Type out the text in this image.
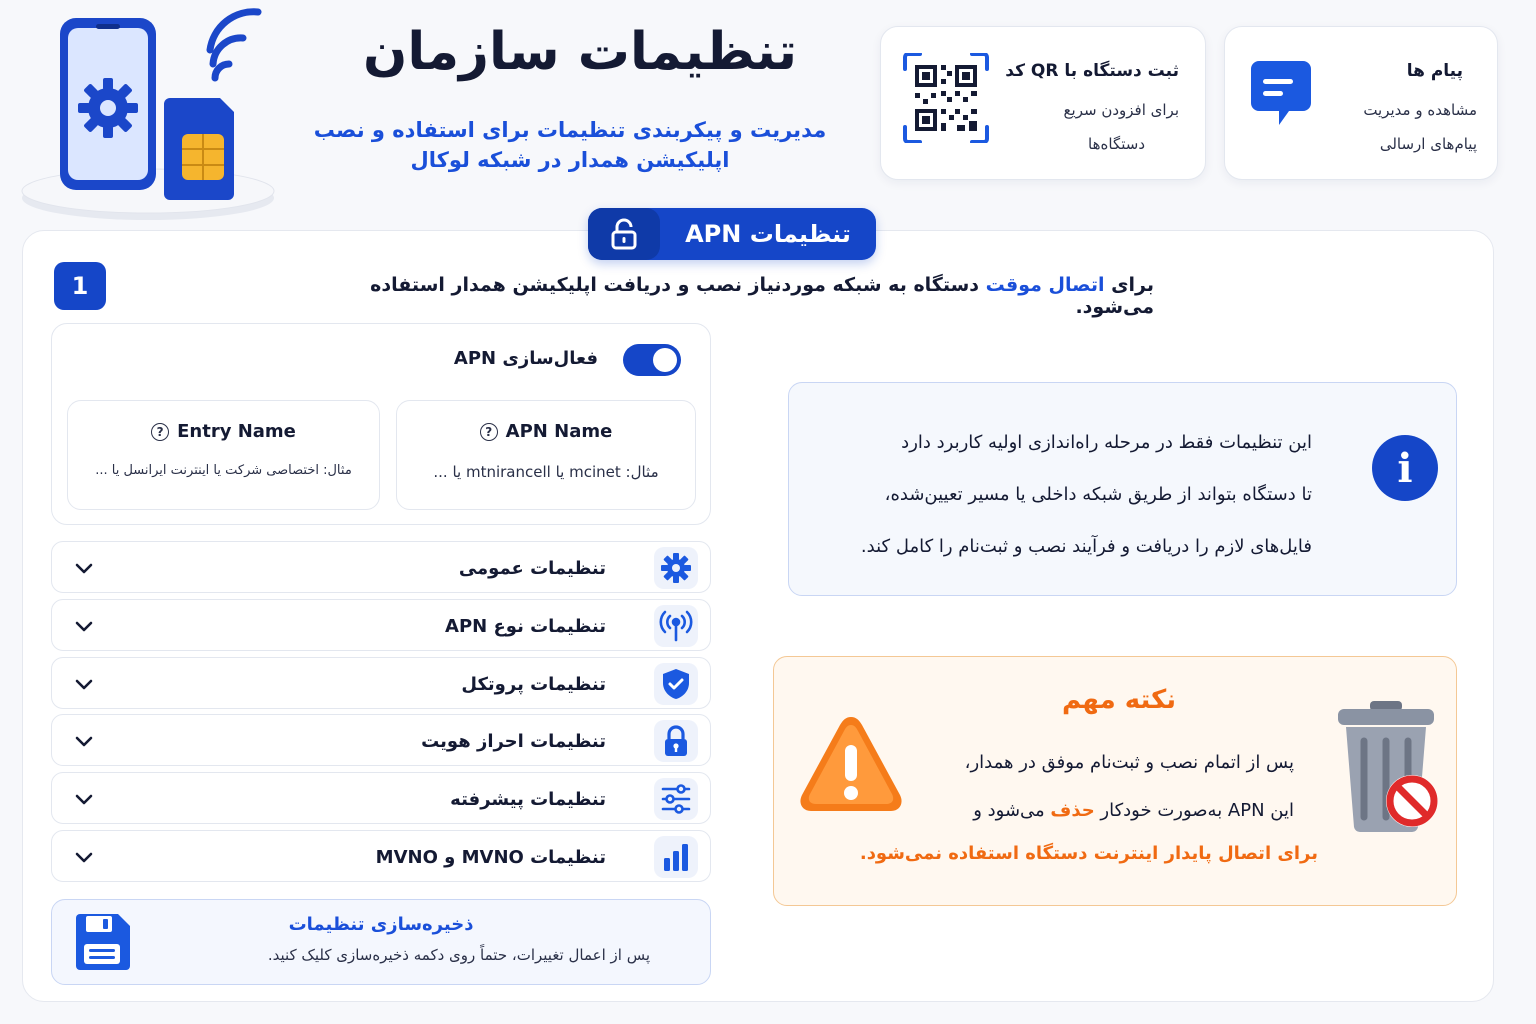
تنظیمات سازمان
مدیریت و پیکربندی تنظیمات برای استفاده و نصب
اپلیکیشن همدار در شبکه لوکال
پیام ها
مشاهده و مدیریت
پیام‌های ارسالی
ثبت دستگاه با QR کد
برای افزودن سریع
دستگاه‌ها
تنظیمات APN
1	برای اتصال موقت دستگاه به شبکه موردنیاز نصب و دریافت اپلیکیشن همدار استفاده می‌شود.
فعال‌سازی APN
? APN Name
مثال: mcinet یا mtnirancell یا ...
? Entry Name
مثال: اختصاصی شرکت یا اینترنت ایرانسل یا ...
تنظیمات عمومی
تنظیمات نوع APN
تنظیمات پروتکل
تنظیمات احراز هویت
تنظیمات پیشرفته
تنظیمات MVNO و MVNO
ذخیره‌سازی تنظیمات
پس از اعمال تغییرات، حتماً روی دکمه ذخیره‌سازی کلیک کنید.
i
این تنظیمات فقط در مرحله راه‌اندازی اولیه کاربرد دارد
تا دستگاه بتواند از طریق شبکه داخلی یا مسیر تعیین‌شده،
فایل‌های لازم را دریافت و فرآیند نصب و ثبت‌نام را کامل کند.
نکته مهم
پس از اتمام نصب و ثبت‌نام موفق در همدار،
این APN به‌صورت خودکار حذف می‌شود و
برای اتصال پایدار اینترنت دستگاه استفاده نمی‌شود.
